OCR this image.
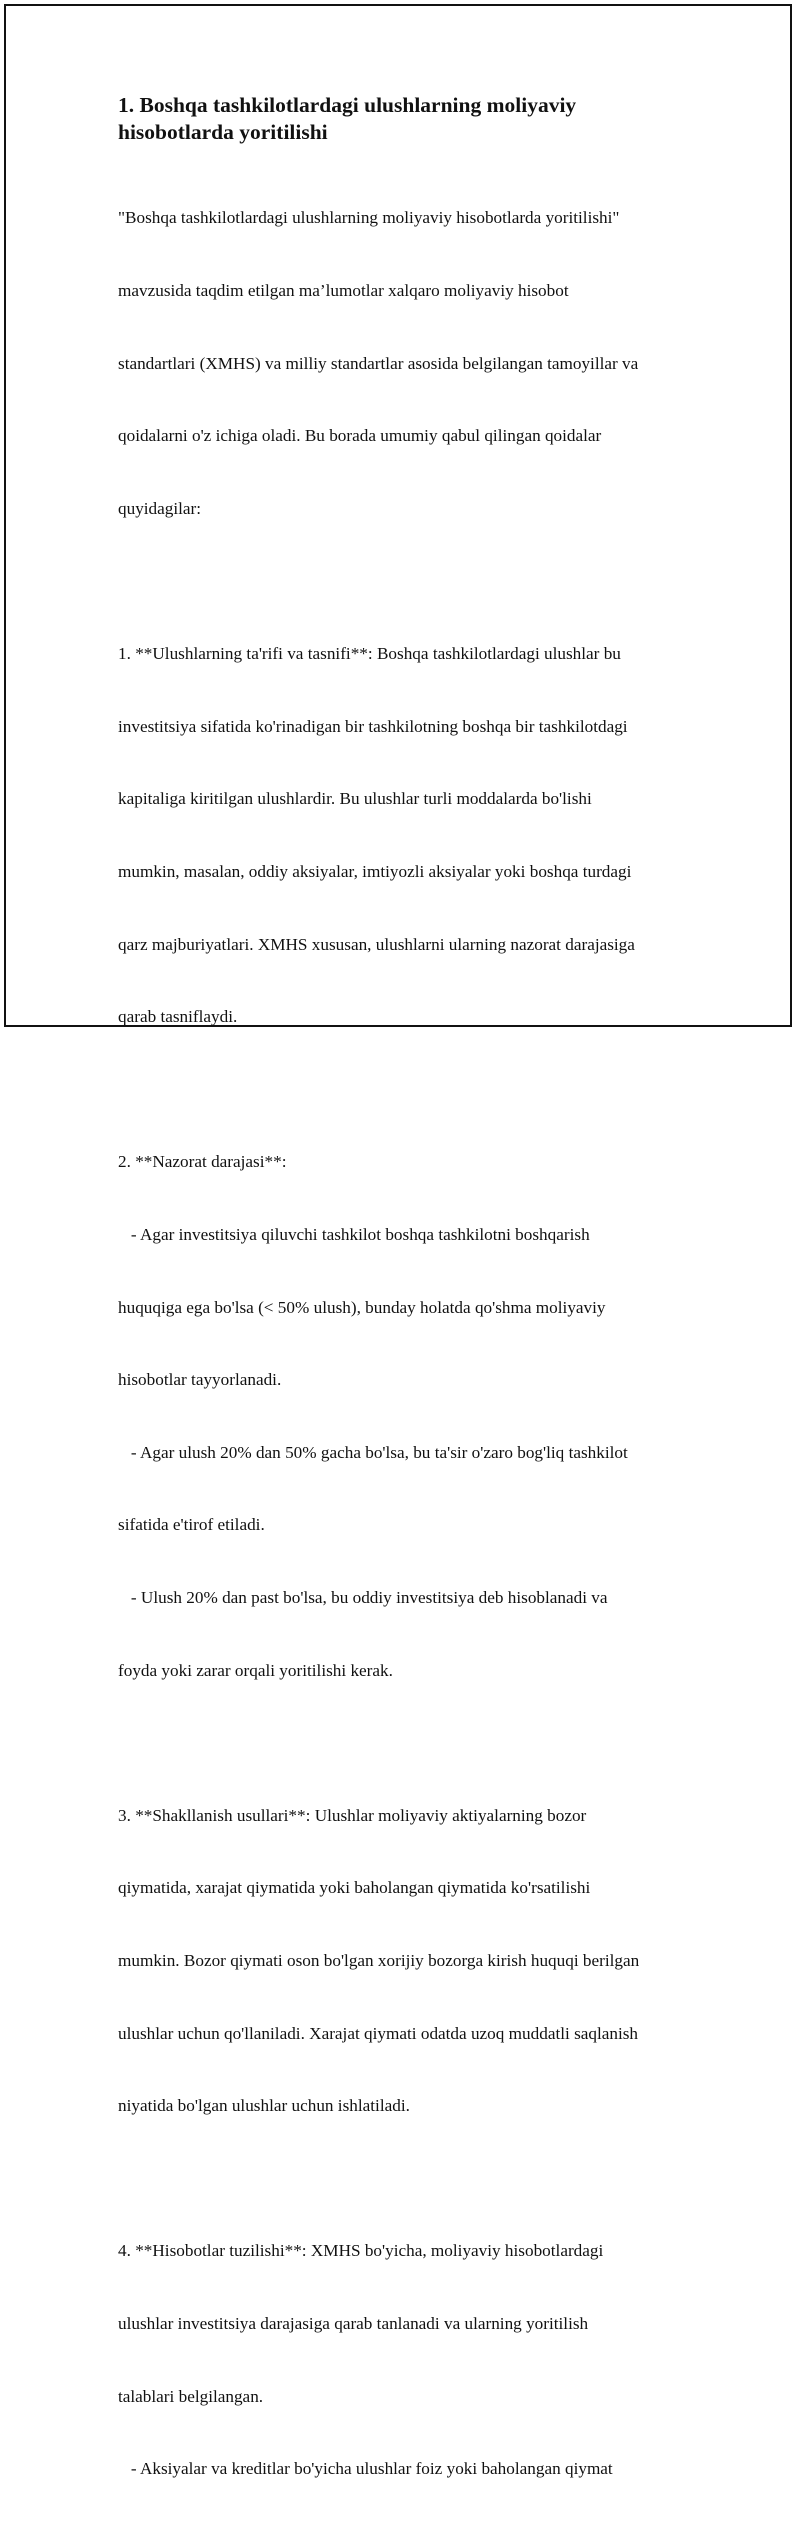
1. Boshqa tashkilotlardagi ulushlarning moliyaviy hisobotlarda yoritilishi

"Boshqa tashkilotlardagi ulushlarning moliyaviy hisobotlarda yoritilishi"

mavzusida taqdim etilgan ma’lumotlar xalqaro moliyaviy hisobot

standartlari (XMHS) va milliy standartlar asosida belgilangan tamoyillar va

qoidalarni o'z ichiga oladi. Bu borada umumiy qabul qilingan qoidalar

quyidagilar:

1. **Ulushlarning ta'rifi va tasnifi**: Boshqa tashkilotlardagi ulushlar bu

investitsiya sifatida ko'rinadigan bir tashkilotning boshqa bir tashkilotdagi

kapitaliga kiritilgan ulushlardir. Bu ulushlar turli moddalarda bo'lishi

mumkin, masalan, oddiy aksiyalar, imtiyozli aksiyalar yoki boshqa turdagi

qarz majburiyatlari. XMHS xususan, ulushlarni ularning nazorat darajasiga

qarab tasniflaydi.

2. **Nazorat darajasi**:

- Agar investitsiya qiluvchi tashkilot boshqa tashkilotni boshqarish

huquqiga ega bo'lsa (< 50% ulush), bunday holatda qo'shma moliyaviy

hisobotlar tayyorlanadi.

- Agar ulush 20% dan 50% gacha bo'lsa, bu ta'sir o'zaro bog'liq tashkilot

sifatida e'tirof etiladi.

- Ulush 20% dan past bo'lsa, bu oddiy investitsiya deb hisoblanadi va

foyda yoki zarar orqali yoritilishi kerak.

3. **Shakllanish usullari**: Ulushlar moliyaviy aktiyalarning bozor

qiymatida, xarajat qiymatida yoki baholangan qiymatida ko'rsatilishi

mumkin. Bozor qiymati oson bo'lgan xorijiy bozorga kirish huquqi berilgan

ulushlar uchun qo'llaniladi. Xarajat qiymati odatda uzoq muddatli saqlanish

niyatida bo'lgan ulushlar uchun ishlatiladi.

4. **Hisobotlar tuzilishi**: XMHS bo'yicha, moliyaviy hisobotlardagi

ulushlar investitsiya darajasiga qarab tanlanadi va ularning yoritilish

talablari belgilangan.

- Aksiyalar va kreditlar bo'yicha ulushlar foiz yoki baholangan qiymat
